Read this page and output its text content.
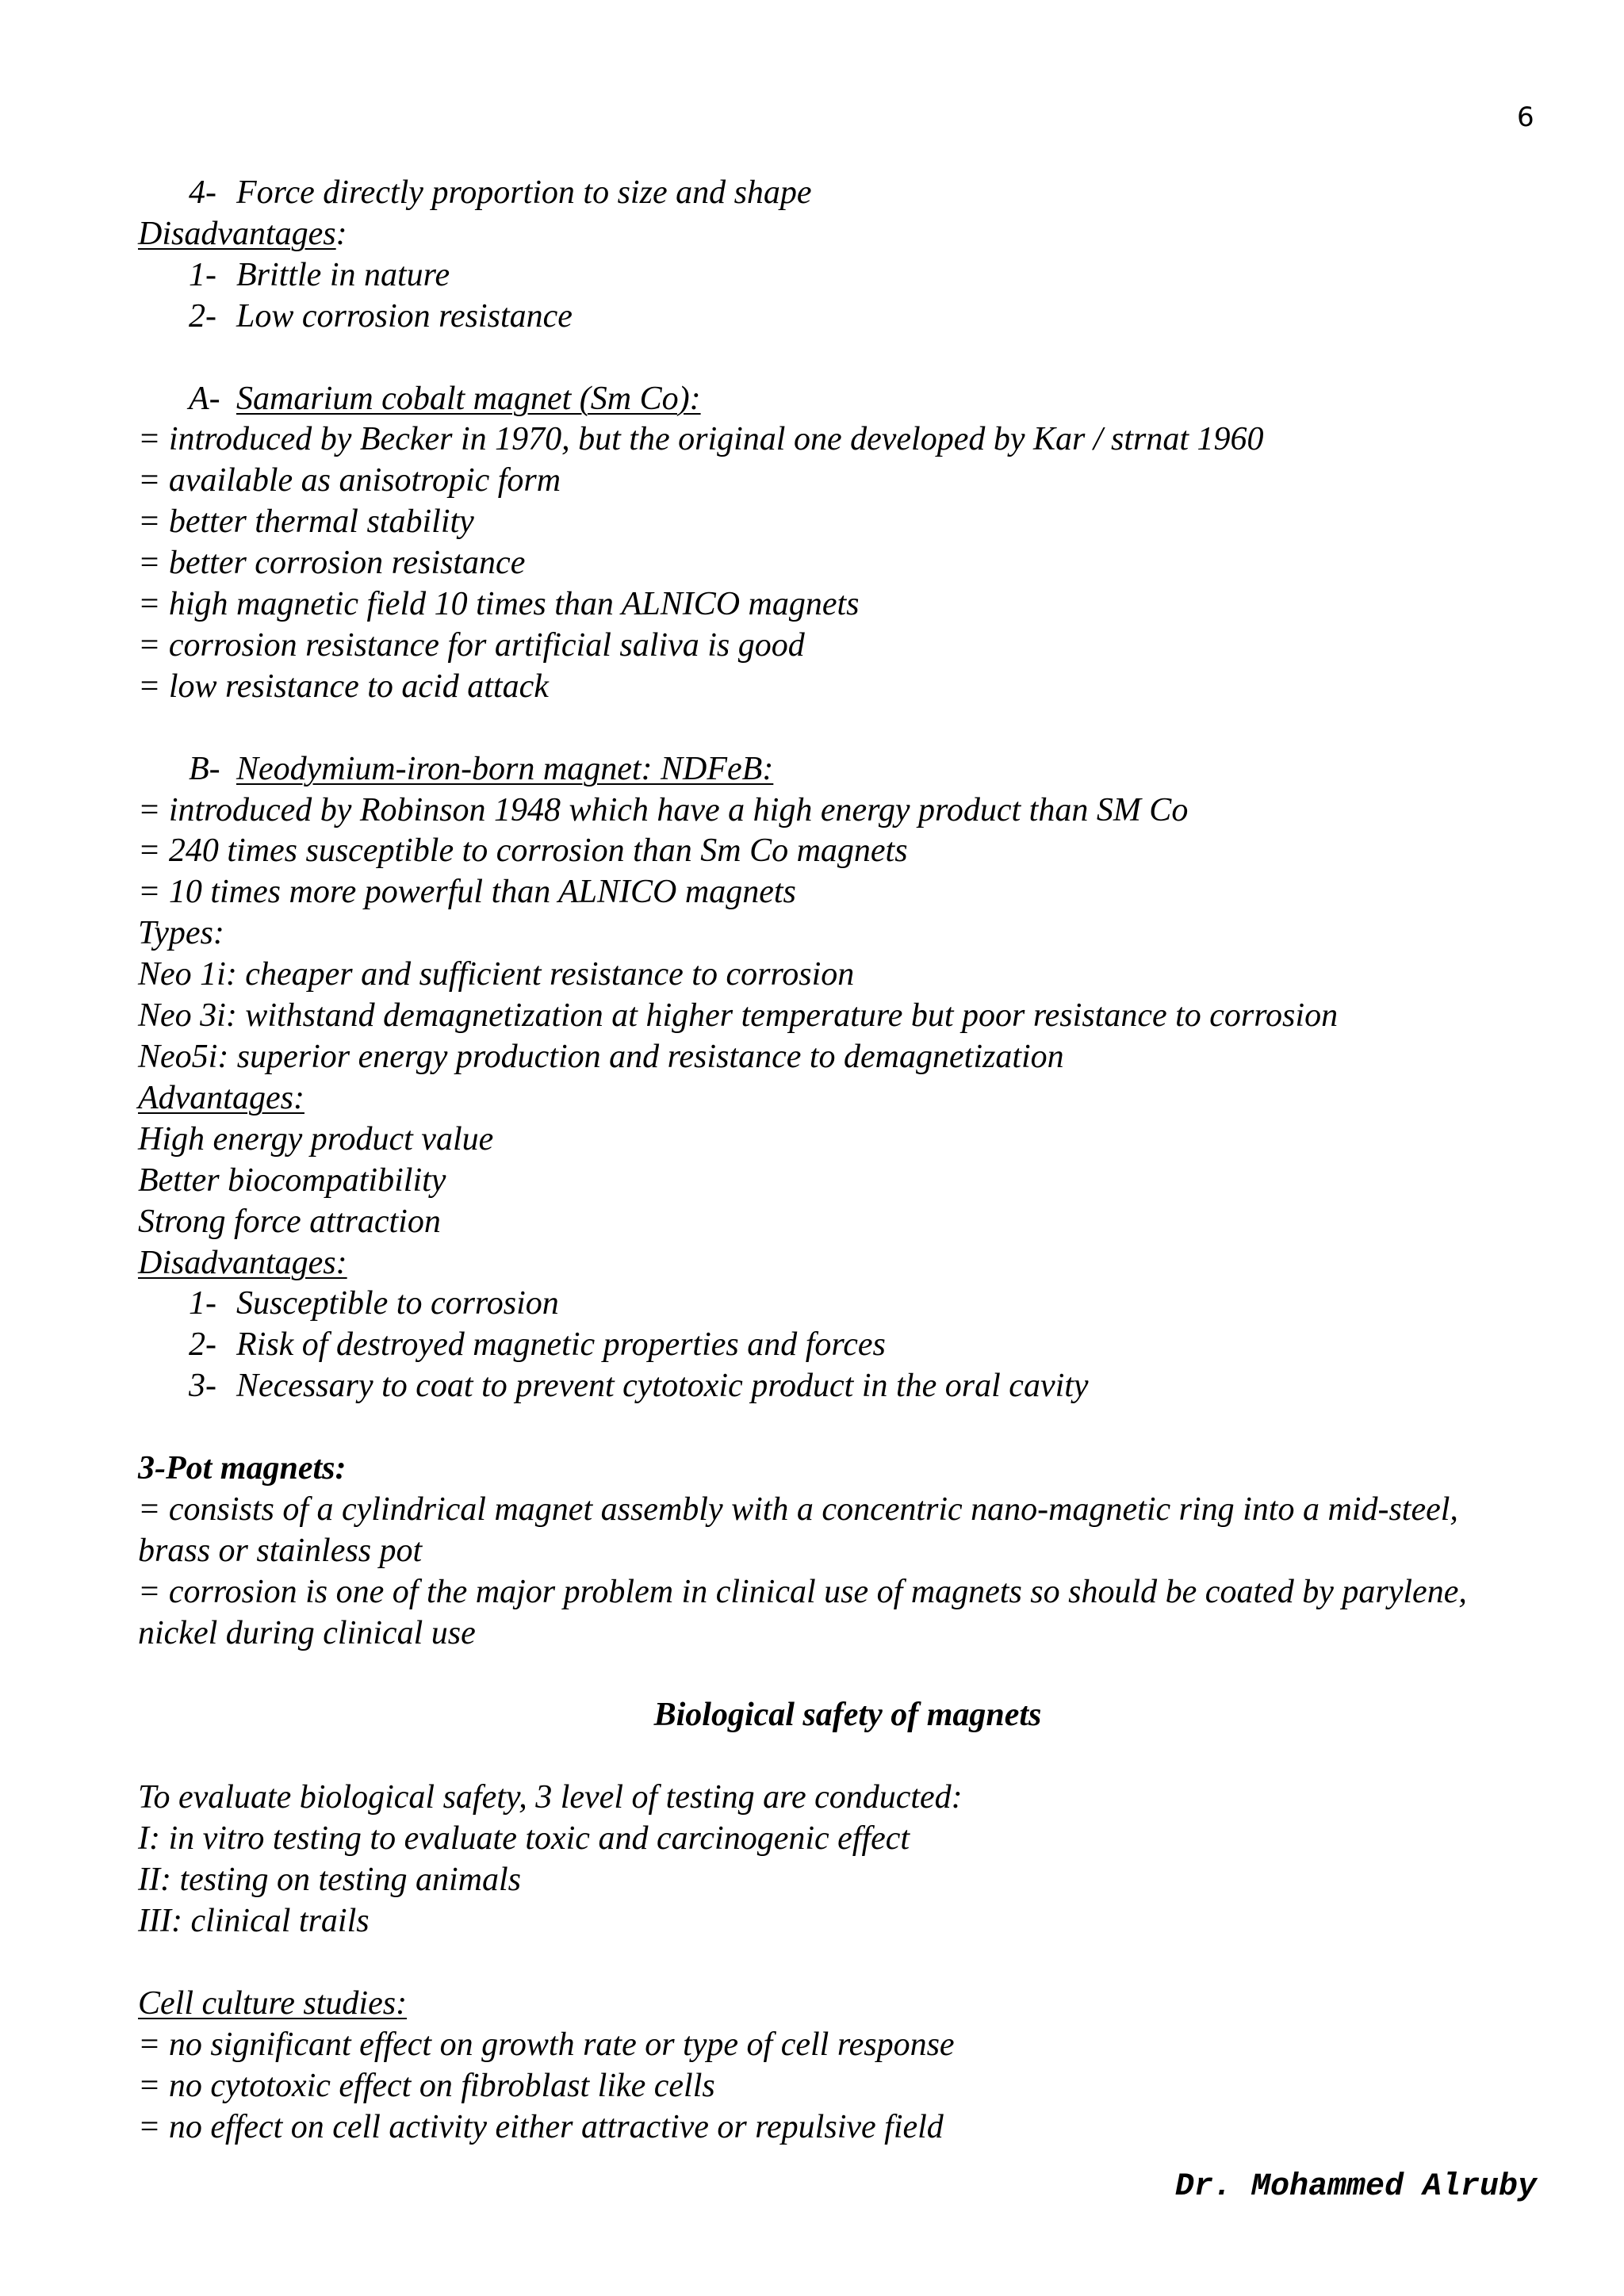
6
4- Force directly proportion to size and shape
Disadvantages:
1- Brittle in nature
2- Low corrosion resistance
A- Samarium cobalt magnet (Sm Co):
= introduced by Becker in 1970, but the original one developed by Kar / strnat 1960
= available as anisotropic form
= better thermal stability
= better corrosion resistance
= high magnetic field 10 times than ALNICO magnets
= corrosion resistance for artificial saliva is good
= low resistance to acid attack
B- Neodymium-iron-born magnet: NDFeB:
= introduced by Robinson 1948 which have a high energy product than SM Co
= 240 times susceptible to corrosion than Sm Co magnets
= 10 times more powerful than ALNICO magnets
Types:
Neo 1i: cheaper and sufficient resistance to corrosion
Neo 3i: withstand demagnetization at higher temperature but poor resistance to corrosion
Neo5i: superior energy production and resistance to demagnetization
Advantages:
High energy product value
Better biocompatibility
Strong force attraction
Disadvantages:
1- Susceptible to corrosion
2- Risk of destroyed magnetic properties and forces
3- Necessary to coat to prevent cytotoxic product in the oral cavity
3-Pot magnets:
= consists of a cylindrical magnet assembly with a concentric nano-magnetic ring into a mid-steel,
brass or stainless pot
= corrosion is one of the major problem in clinical use of magnets so should be coated by parylene,
nickel during clinical use
Biological safety of magnets
To evaluate biological safety, 3 level of testing are conducted:
I: in vitro testing to evaluate toxic and carcinogenic effect
II: testing on testing animals
III: clinical trails
Cell culture studies:
= no significant effect on growth rate or type of cell response
= no cytotoxic effect on fibroblast like cells
= no effect on cell activity either attractive or repulsive field
Dr. Mohammed Alruby
